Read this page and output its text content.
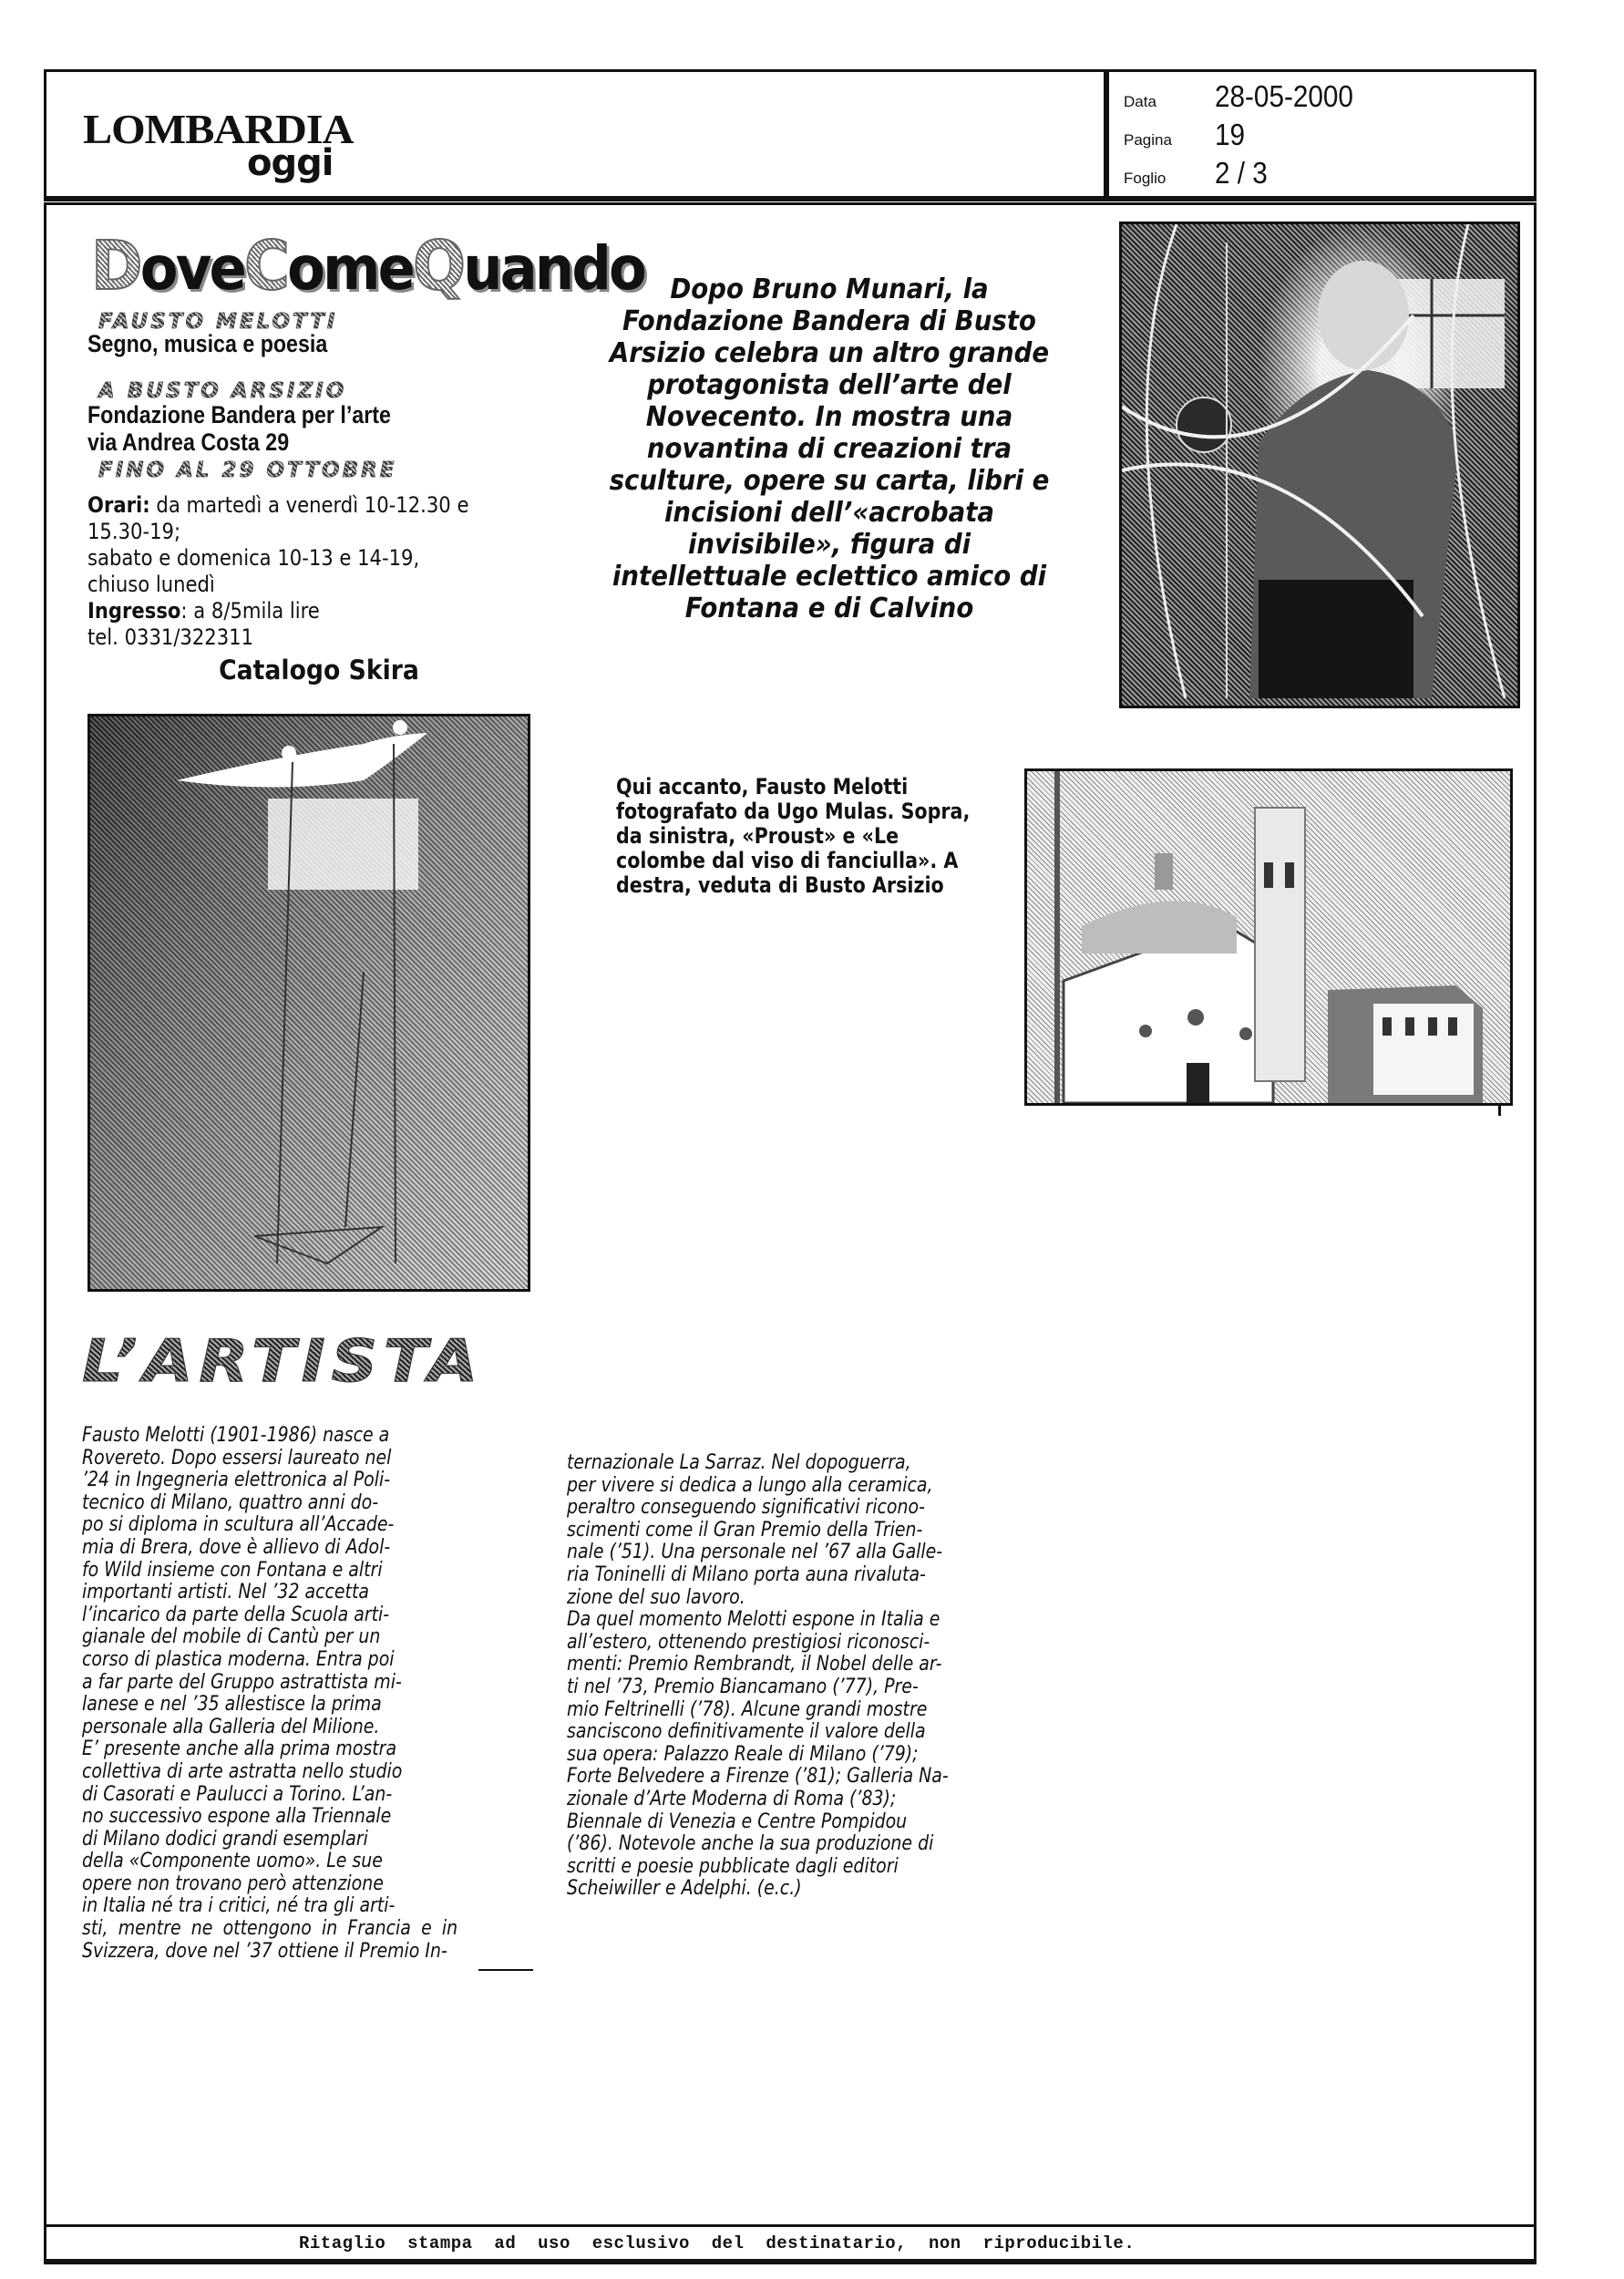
LOMBARDIA
oggi
Data	28-05-2000
Pagina	19
Foglio	2 / 3
DoveComeQuando
FAUSTO MELOTTI
Segno, musica e poesia
A BUSTO ARSIZIO
Fondazione Bandera per l’arte
via Andrea Costa 29
FINO AL 29 OTTOBRE
Orari: da martedì a venerdì 10-12.30 e
15.30-19;
sabato e domenica 10-13 e 14-19,
chiuso lunedì
Ingresso: a 8/5mila lire
tel. 0331/322311
Catalogo Skira
Dopo Bruno Munari, la
Fondazione Bandera di Busto
Arsizio celebra un altro grande
protagonista dell’arte del
Novecento. In mostra una
novantina di creazioni tra
sculture, opere su carta, libri e
incisioni dell’«acrobata
invisibile», figura di
intellettuale eclettico amico di
Fontana e di Calvino
Qui accanto, Fausto Melotti
fotografato da Ugo Mulas. Sopra,
da sinistra, «Proust» e «Le
colombe dal viso di fanciulla». A
destra, veduta di Busto Arsizio
L’ARTISTA
Fausto Melotti (1901-1986) nasce a
Rovereto. Dopo essersi laureato nel
’24 in Ingegneria elettronica al Poli-
tecnico di Milano, quattro anni do-
po si diploma in scultura all’Accade-
mia di Brera, dove è allievo di Adol-
fo Wild insieme con Fontana e altri
importanti artisti. Nel ’32 accetta
l’incarico da parte della Scuola arti-
gianale del mobile di Cantù per un
corso di plastica moderna. Entra poi
a far parte del Gruppo astrattista mi-
lanese e nel ’35 allestisce la prima
personale alla Galleria del Milione.
E’ presente anche alla prima mostra
collettiva di arte astratta nello studio
di Casorati e Paulucci a Torino. L’an-
no successivo espone alla Triennale
di Milano dodici grandi esemplari
della «Componente uomo». Le sue
opere non trovano però attenzione
in Italia né tra i critici, né tra gli arti-
sti, mentre ne ottengono in Francia e in
Svizzera, dove nel ’37 ottiene il Premio In-
ternazionale La Sarraz. Nel dopoguerra,
per vivere si dedica a lungo alla ceramica,
peraltro conseguendo significativi ricono-
scimenti come il Gran Premio della Trien-
nale (’51). Una personale nel ’67 alla Galle-
ria Toninelli di Milano porta auna rivaluta-
zione del suo lavoro.
Da quel momento Melotti espone in Italia e
all’estero, ottenendo prestigiosi riconosci-
menti: Premio Rembrandt, il Nobel delle ar-
ti nel ’73, Premio Biancamano (’77), Pre-
mio Feltrinelli (’78). Alcune grandi mostre
sanciscono definitivamente il valore della
sua opera: Palazzo Reale di Milano (’79);
Forte Belvedere a Firenze (’81); Galleria Na-
zionale d’Arte Moderna di Roma (’83);
Biennale di Venezia e Centre Pompidou
(’86). Notevole anche la sua produzione di
scritti e poesie pubblicate dagli editori
Scheiwiller e Adelphi. (e.c.)
Ritaglio stampa ad uso esclusivo del destinatario, non riproducibile.
